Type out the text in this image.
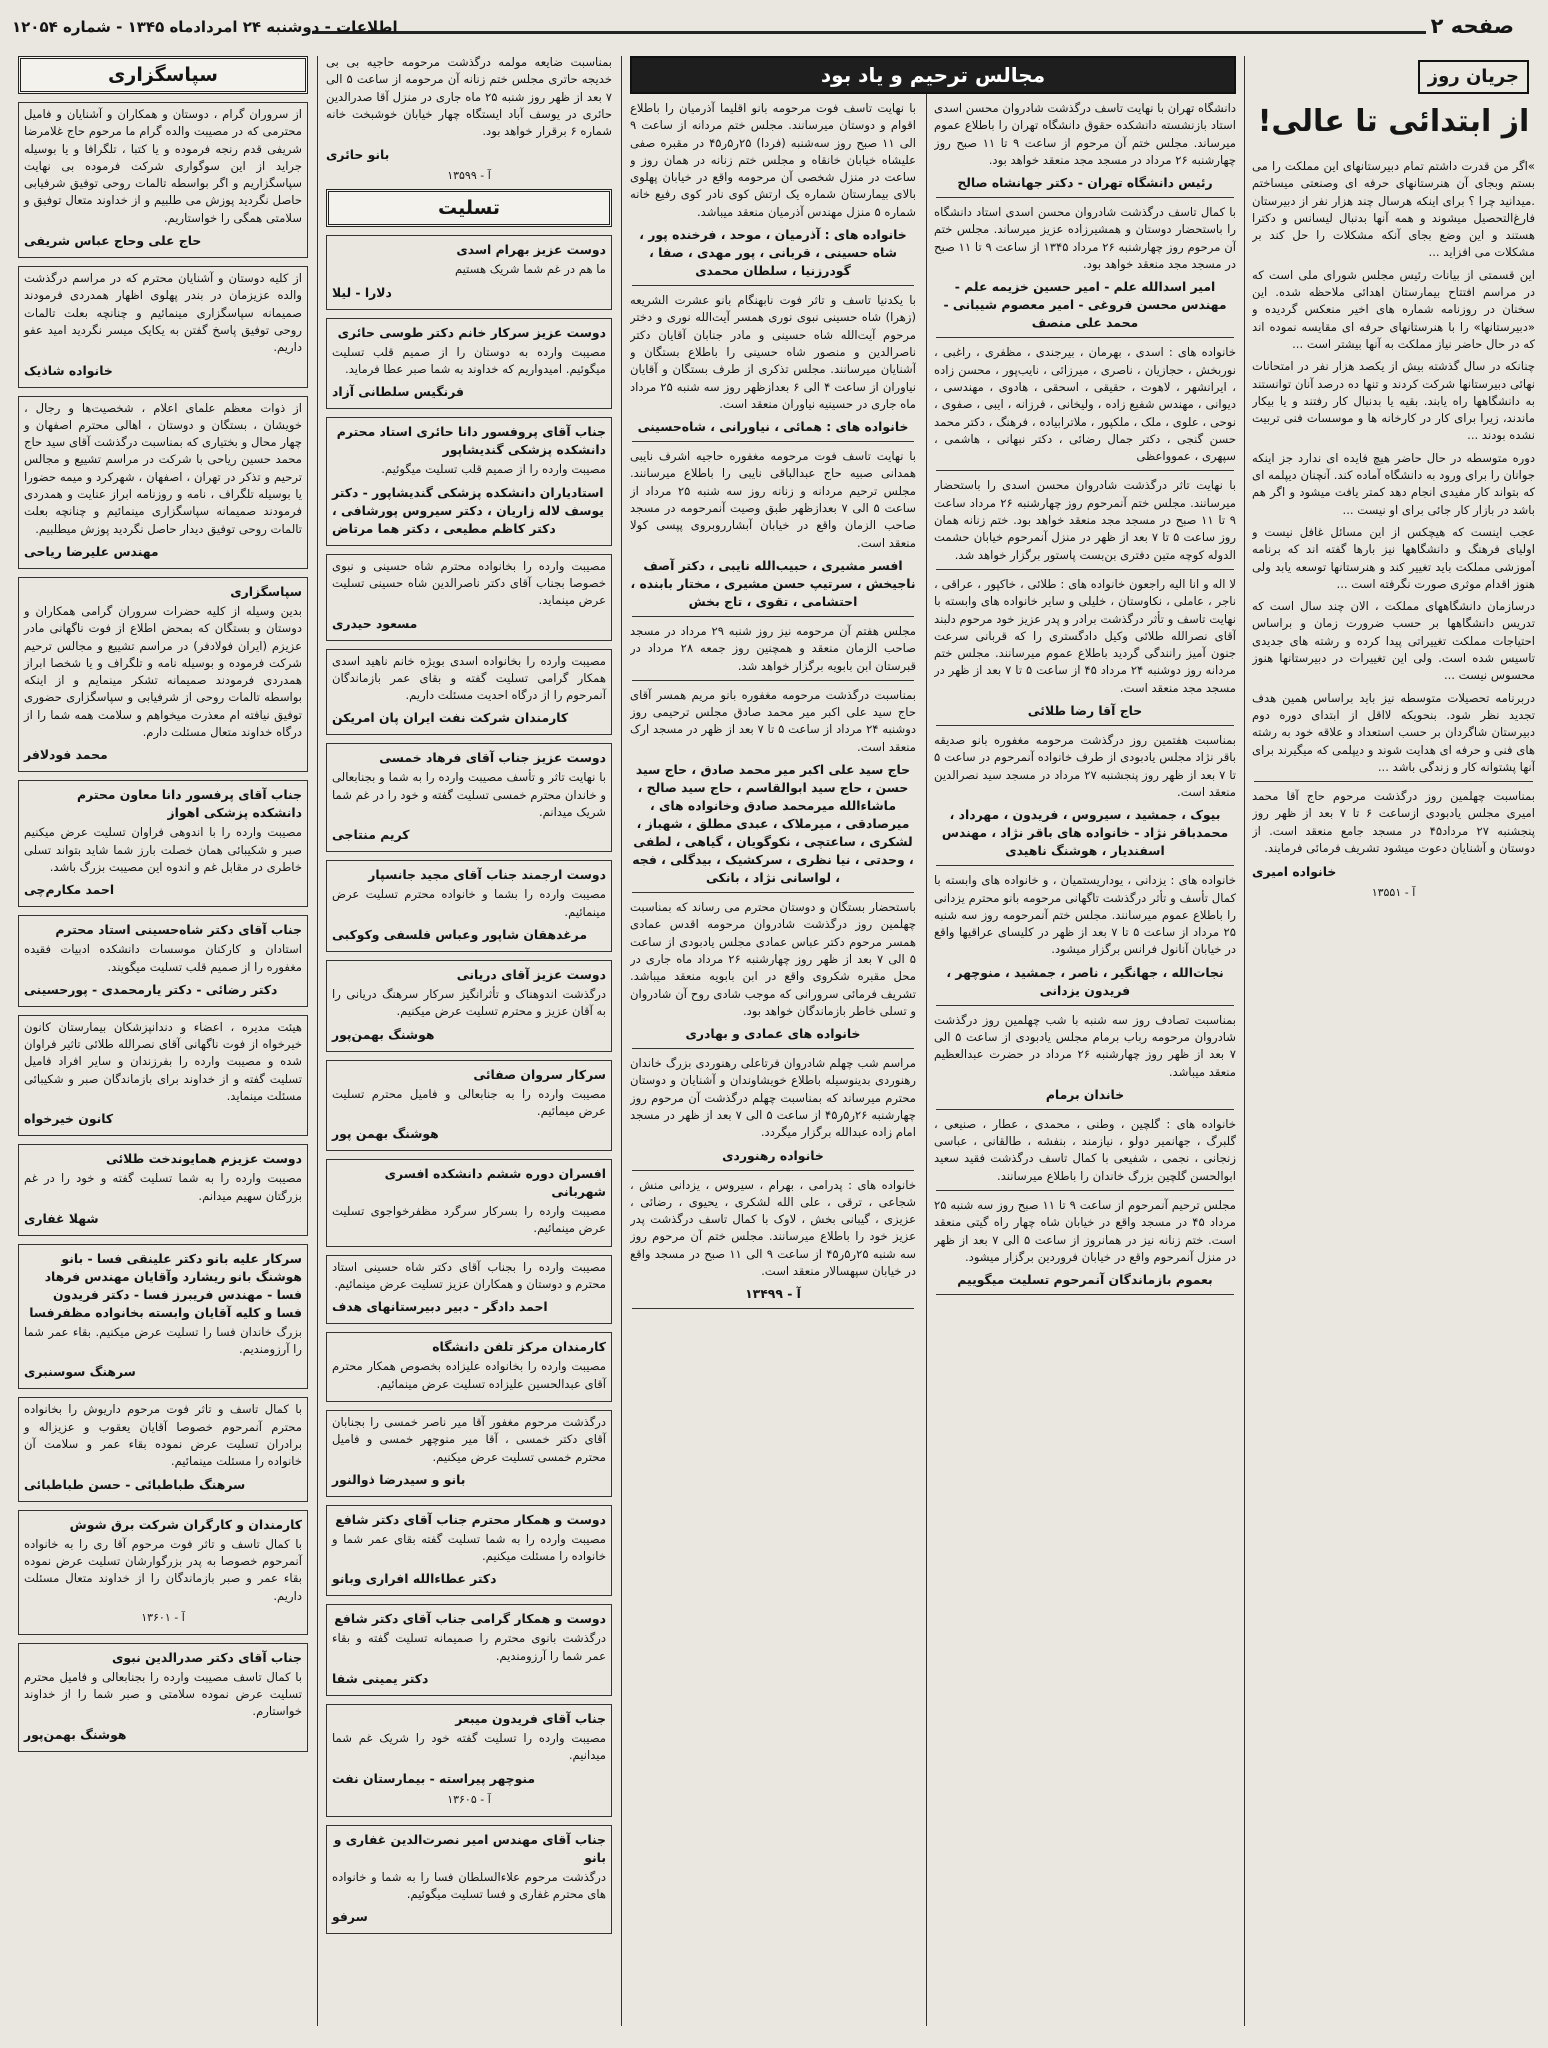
صفحه ۲
اطلاعات - دوشنبه ۲۴ امردادماه ۱۳۴۵ - شماره ۱۲۰۵۴
جریان روز
از ابتدائی تا عالی!
»اگر من قدرت داشتم تمام دبیرستانهای این مملکت را می بستم وبجای آن هنرستانهای حرفه ای وصنعتی میساختم .میدانید چرا ؟ برای اینکه هرسال چند هزار نفر از دبیرستان فارغ‌التحصیل میشوند و همه آنها بدنبال لیسانس و دکترا هستند و این وضع بجای آنکه مشکلات را حل کند بر مشکلات می افزاید ...
این قسمتی از بیانات رئیس مجلس شورای ملی است که در مراسم افتتاح بیمارستان اهدائی ملاحظه شده. این سخنان در روزنامه شماره های اخیر منعکس گردیده و «دبیرستانها» را با هنرستانهای حرفه ای مقایسه نموده اند که در حال حاضر نیاز مملکت به آنها بیشتر است ...
چنانکه در سال گذشته بیش از یکصد هزار نفر در امتحانات نهائی دبیرستانها شرکت کردند و تنها ده درصد آنان توانستند به دانشگاهها راه یابند. بقیه یا بدنبال کار رفتند و یا بیکار ماندند، زیرا برای کار در کارخانه ها و موسسات فنی تربیت نشده بودند ...
دوره متوسطه در حال حاضر هیچ فایده ای ندارد جز اینکه جوانان را برای ورود به دانشگاه آماده کند. آنچنان دیپلمه ای که بتواند کار مفیدی انجام دهد کمتر یافت میشود و اگر هم باشد در بازار کار جائی برای او نیست ...
عجب اینست که هیچکس از این مسائل غافل نیست و اولیای فرهنگ و دانشگاهها نیز بارها گفته اند که برنامه آموزشی مملکت باید تغییر کند و هنرستانها توسعه یابد ولی هنوز اقدام موثری صورت نگرفته است ...
درسازمان دانشگاههای مملکت ، الان چند سال است که تدریس دانشگاهها بر حسب ضرورت زمان و براساس احتیاجات مملکت تغییراتی پیدا کرده و رشته های جدیدی تاسیس شده است. ولی این تغییرات در دبیرستانها هنوز محسوس نیست ...
دربرنامه تحصیلات متوسطه نیز باید براساس همین هدف تجدید نظر شود. بنحویکه لااقل از ابتدای دوره دوم دبیرستان شاگردان بر حسب استعداد و علاقه خود به رشته های فنی و حرفه ای هدایت شوند و دیپلمی که میگیرند برای آنها پشتوانه کار و زندگی باشد ...
بمناسبت چهلمین روز درگذشت مرحوم حاج آقا محمد امیری مجلس یادبودی ازساعت ۶ تا ۷ بعد از ظهر روز پنجشنبه ۲۷ مرداد۴۵ در مسجد جامع منعقد است. از دوستان و آشنایان دعوت میشود تشریف فرمائی فرمایند.
خانواده امیری
آ - ۱۳۵۵۱
مجالس ترحیم و یاد بود
دانشگاه تهران با نهایت تاسف درگذشت شادروان محسن اسدی استاد بازنشسته دانشکده حقوق دانشگاه تهران را باطلاع عموم میرساند. مجلس ختم آن مرحوم از ساعت ۹ تا ۱۱ صبح روز چهارشنبه ۲۶ مرداد در مسجد مجد منعقد خواهد بود.
رئیس دانشگاه تهران - دکتر جهانشاه صالح
با کمال تاسف درگذشت شادروان محسن اسدی استاد دانشگاه را باستحضار دوستان و همشیرزاده عزیز میرساند. مجلس ختم آن مرحوم روز چهارشنبه ۲۶ مرداد ۱۳۴۵ از ساعت ۹ تا ۱۱ صبح در مسجد مجد منعقد خواهد بود.
امیر اسدالله علم - امیر حسین خزیمه علم - مهندس محسن فروغی - امیر معصوم شیبانی - محمد علی منصف
خانواده های : اسدی ، بهرمان ، بیرجندی ، مظفری ، راغبی ، نوربخش ، حجازیان ، ناصری ، میرزائی ، نایب‌پور ، محسن زاده ، ایرانشهر ، لاهوت ، حقیقی ، اسحقی ، هادوی ، مهندسی ، دیوانی ، مهندس شفیع زاده ، ولیخانی ، فرزانه ، ایبی ، صفوی ، نوحی ، علوی ، ملک ، ملکپور ، ملاترابیاده ، فرهنگ ، دکتر محمد حسن گنجی ، دکتر جمال رضائی ، دکتر نبهانی ، هاشمی ، سپهری ، عموواعظی
با نهایت تاثر درگذشت شادروان محسن اسدی را باستحضار میرسانند. مجلس ختم آنمرحوم روز چهارشنبه ۲۶ مرداد ساعت ۹ تا ۱۱ صبح در مسجد مجد منعقد خواهد بود. ختم زنانه همان روز ساعت ۵ تا ۷ بعد از ظهر در منزل آنمرحوم خیابان حشمت الدوله کوچه متین دفتری بن‌بست پاستور برگزار خواهد شد.
لا اله و انا الیه راجعون خانواده های : طلائی ، خاکپور ، عراقی ، ناجر ، عاملی ، نکاوستان ، خلیلی و سایر خانواده های وابسته با نهایت تاسف و تأثر درگذشت برادر و پدر عزیز خود مرحوم دلبند آقای نصرالله طلائی وکیل دادگستری را که قربانی سرعت جنون آمیز رانندگی گردید باطلاع عموم میرسانند. مجلس ختم مردانه روز دوشنبه ۲۴ مرداد ۴۵ از ساعت ۵ تا ۷ بعد از ظهر در مسجد مجد منعقد است.
حاج آقا رضا طلائی
بمناسبت هفتمین روز درگذشت مرحومه مغفوره بانو صدیقه باقر نژاد مجلس یادبودی از طرف خانواده آنمرحوم در ساعت ۵ تا ۷ بعد از ظهر روز پنجشنبه ۲۷ مرداد در مسجد سید نصرالدین منعقد است.
بیوک ، جمشید ، سیروس ، فریدون ، مهرداد ، محمدباقر نژاد - خانواده های باقر نژاد ، مهندس اسفندیار ، هوشنگ ناهیدی
خانواده های : یزدانی ، یوداریستمیان ، و خانواده های وابسته با کمال تأسف و تأثر درگذشت تاگهانی مرحومه بانو محترم یزدانی را باطلاع عموم میرسانند. مجلس ختم آنمرحومه روز سه شنبه ۲۵ مرداد از ساعت ۵ تا ۷ بعد از ظهر در کلیسای عراقیها واقع در خیابان آنانول فرانس برگزار میشود.
نجات‌الله ، جهانگیر ، ناصر ، جمشید ، منوچهر ، فریدون یزدانی
بمناسبت تصادف روز سه شنبه با شب چهلمین روز درگذشت شادروان مرحومه رباب برمام مجلس یادبودی از ساعت ۵ الی ۷ بعد از ظهر روز چهارشنبه ۲۶ مرداد در حضرت عبدالعظیم منعقد میباشد.
خاندان برمام
خانواده های : گلچین ، وطنی ، محمدی ، عطار ، صنیعی ، گلبرگ ، جهانمیر دولو ، نیازمند ، بنفشه ، طالقانی ، عباسی زنجانی ، نجمی ، شفیعی با کمال تاسف درگذشت فقید سعید ابوالحسن گلچین بزرگ خاندان را باطلاع میرسانند.
مجلس ترحیم آنمرحوم از ساعت ۹ تا ۱۱ صبح روز سه شنبه ۲۵ مرداد ۴۵ در مسجد واقع در خیابان شاه چهار راه گیتی منعقد است. ختم زنانه نیز در همانروز از ساعت ۵ الی ۷ بعد از ظهر در منزل آنمرحوم واقع در خیابان فروردین برگزار میشود.
بعموم بازماندگان آنمرحوم تسلیت میگوییم
با نهایت تاسف فوت مرحومه بانو اقلیما آذرمیان را باطلاع اقوام و دوستان میرسانند. مجلس ختم مردانه از ساعت ۹ الی ۱۱ صبح روز سه‌شنبه (فردا) ۲۵ر۵ر۴۵ در مقبره صفی علیشاه خیابان خانقاه و مجلس ختم زنانه در همان روز و ساعت در منزل شخصی آن مرحومه واقع در خیابان پهلوی بالای بیمارستان شماره یک ارتش کوی نادر کوی رفیع خانه شماره ۵ منزل مهندس آذرمیان منعقد میباشد.
خانواده های : آذرمیان ، موحد ، فرخنده پور ، شاه حسینی ، قربانی ، پور مهدی ، صفا ، گودرزنیا ، سلطان محمدی
با یکدنیا تاسف و تاثر فوت نابهنگام بانو عشرت الشریعه (زهرا) شاه حسینی نبوی نوری همسر آیت‌الله نوری و دختر مرحوم آیت‌الله شاه حسینی و مادر جنابان آقایان دکتر ناصرالدین و منصور شاه حسینی را باطلاع بستگان و آشنایان میرسانند. مجلس تذکری از طرف بستگان و آقایان نیاوران از ساعت ۴ الی ۶ بعدازظهر روز سه شنبه ۲۵ مرداد ماه جاری در حسینیه نیاوران منعقد است.
خانواده های : همائی ، نیاورانی ، شاه‌حسینی
با نهایت تاسف فوت مرحومه مغفوره حاجیه اشرف نایبی همدانی صبیه حاج عبدالباقی نایبی را باطلاع میرسانند. مجلس ترحیم مردانه و زنانه روز سه شنبه ۲۵ مرداد از ساعت ۵ الی ۷ بعدازظهر طبق وصیت آنمرحومه در مسجد صاحب الزمان واقع در خیابان آبشارروبروی پپسی کولا منعقد است.
افسر مشیری ، حبیب‌الله نایبی ، دکتر آصف ناجیخش ، سرتیپ حسن مشیری ، مختار بابنده ، احتشامی ، تقوی ، تاج بخش
مجلس هفتم آن مرحومه نیز روز شنبه ۲۹ مرداد در مسجد صاحب الزمان منعقد و همچنین روز جمعه ۲۸ مرداد در قبرستان ابن بابویه برگزار خواهد شد.
بمناسبت درگذشت مرحومه مغفوره بانو مریم همسر آقای حاج سید علی اکبر میر محمد صادق مجلس ترحیمی روز دوشنبه ۲۴ مرداد از ساعت ۵ تا ۷ بعد از ظهر در مسجد ارک منعقد است.
حاج سید علی اکبر میر محمد صادق ، حاج سید حسن ، حاج سید ابوالقاسم ، حاج سید صالح ، ماشاءالله میرمحمد صادق وخانواده های ، میرصادقی ، میرملاک ، عبدی مطلق ، شهباز ، لشکری ، ساعتچی ، نکوگویان ، گیاهی ، لطفی ، وحدتی ، نیا نظری ، سرکشیک ، بیدگلی ، فجه ، لواسانی نژاد ، بانکی
باستحضار بستگان و دوستان محترم می رساند که بمناسبت چهلمین روز درگذشت شادروان مرحومه اقدس عمادی همسر مرحوم دکتر عباس عمادی مجلس یادبودی از ساعت ۵ الی ۷ بعد از ظهر روز چهارشنبه ۲۶ مرداد ماه جاری در محل مقبره شکروی واقع در ابن بابویه منعقد میباشد. تشریف فرمائی سرورانی که موجب شادی روح آن شادروان و تسلی خاطر بازماندگان خواهد بود.
خانواده های عمادی و بهادری
مراسم شب چهلم شادروان فرتاعلی رهنوردی بزرگ خاندان رهنوردی بدینوسیله باطلاع خویشاوندان و آشنایان و دوستان محترم میرساند که بمناسبت چهلم درگذشت آن مرحوم روز چهارشنبه ۲۶ر۵ر۴۵ از ساعت ۵ الی ۷ بعد از ظهر در مسجد امام زاده عبدالله برگزار میگردد.
خانواده رهنوردی
خانواده های : پدرامی ، بهرام ، سیروس ، یزدانی منش ، شجاعی ، ترقی ، علی الله لشکری ، یحیوی ، رضائی ، عزیزی ، گیبانی بخش ، لاوک با کمال تاسف درگذشت پدر عزیز خود را باطلاع میرسانند. مجلس ختم آن مرحوم روز سه شنبه ۲۵ر۵ر۴۵ از ساعت ۹ الی ۱۱ صبح در مسجد واقع در خیابان سپهسالار منعقد است.
آ - ۱۳۴۹۹
بمناسبت ضایعه مولمه درگذشت مرحومه حاجیه بی بی خدیجه حاتری مجلس ختم زنانه آن مرحومه از ساعت ۵ الی ۷ بعد از ظهر روز شنبه ۲۵ ماه جاری در منزل آقا صدرالدین حائری در یوسف آباد ایستگاه چهار خیابان خوشبخت خانه شماره ۶ برقرار خواهد بود.
بانو حائری
آ - ۱۳۵۹۹
تسلیت
دوست عزیز بهرام اسدی
ما هم در غم شما شریک هستیم
دلارا - لیلا
دوست عزیز سرکار خانم دکتر طوسی حائری
مصیبت وارده به دوستان را از صمیم قلب تسلیت میگوئیم. امیدواریم که خداوند به شما صبر عطا فرماید.
فرنگیس سلطانی آزاد
جناب آقای پروفسور دانا حائری استاد محترم دانشکده پزشکی گندیشاپور
مصیبت وارده را از صمیم قلب تسلیت میگوئیم.
استادیاران دانشکده پزشکی گندیشاپور - دکتر یوسف لاله زاریان ، دکتر سیروس پورشافی ، دکتر کاظم مطیعی ، دکتر هما مرتاض
مصیبت وارده را بخانواده محترم شاه حسینی و نبوی خصوصا بجناب آقای دکتر ناصرالدین شاه حسینی تسلیت عرض مینماید.
مسعود حیدری
مصیبت وارده را بخانواده اسدی بویژه خانم ناهید اسدی همکار گرامی تسلیت گفته و بقای عمر بازماندگان آنمرحوم را از درگاه احدیت مسئلت داریم.
کارمندان شرکت نفت ایران پان امریکن
دوست عزیز جناب آقای فرهاد خمسی
با نهایت تاثر و تأسف مصیبت وارده را به شما و بجنابعالی و خاندان محترم خمسی تسلیت گفته و خود را در غم شما شریک میدانم.
کریم منتاجی
دوست ارجمند جناب آقای مجید جانسپار
مصیبت وارده را بشما و خانواده محترم تسلیت عرض مینمائیم.
مرغدهقان شاپور وعباس فلسفی وکوکبی
دوست عزیز آقای دریانی
درگذشت اندوهناک و تأثرانگیز سرکار سرهنگ دریانی را به آقان عزیز و محترم تسلیت عرض میکنیم.
هوشنگ بهمن‌پور
سرکار سروان صفائی
مصیبت وارده را به جنابعالی و فامیل محترم تسلیت عرض میمائیم.
هوشنگ بهمن پور
افسران دوره ششم دانشکده افسری شهربانی
مصیبت وارده را بسرکار سرگرد مظفرخواجوی تسلیت عرض مینمائیم.
مصیبت وارده را بجناب آقای دکتر شاه حسینی استاد محترم و دوستان و همکاران عزیز تسلیت عرض مینمائیم.
احمد دادگر - دبیر دبیرستانهای هدف
کارمندان مرکز تلفن دانشگاه
مصیبت وارده را بخانواده علیزاده بخصوص همکار محترم آقای عبدالحسین علیزاده تسلیت عرض مینمائیم.
درگذشت مرحوم مغفور آقا میر ناصر خمسی را بجنابان آقای دکتر خمسی ، آقا میر منوچهر خمسی و فامیل محترم خمسی تسلیت عرض میکنیم.
بانو و سیدرضا ذوالنور
دوست و همکار محترم جناب آقای دکتر شافع
مصیبت وارده را به شما تسلیت گفته بقای عمر شما و خانواده را مسئلت میکنیم.
دکتر عطاءالله افراری وبانو
دوست و همکار گرامی جناب آقای دکتر شافع
درگذشت بانوی محترم را صمیمانه تسلیت گفته و بقاء عمر شما را آرزومندیم.
دکتر یمینی شفا
جناب آقای فریدون میبعر
مصیبت وارده را تسلیت گفته خود را شریک غم شما میدانیم.
منوچهر پیراسته - بیمارستان نفت
آ - ۱۳۶۰۵
جناب آقای مهندس امیر نصرت‌الدین غفاری و بانو
درگذشت مرحوم علاءالسلطان فسا را به شما و خانواده های محترم غفاری و فسا تسلیت میگوئیم.
سرفو
سپاسگزاری
از سروران گرام ، دوستان و همکاران و آشنایان و فامیل محترمی که در مصیبت والده گرام ما مرحوم حاج غلامرضا شریفی قدم رنجه فرموده و یا کتبا ، تلگرافا و یا بوسیله جراید از این سوگواری شرکت فرموده بی نهایت سپاسگزاریم و اگر بواسطه تالمات روحی توفیق شرفیابی حاصل نگردید پوزش می طلبیم و از خداوند متعال توفیق و سلامتی همگی را خواستاریم.
حاج علی وحاج عباس شریفی
از کلیه دوستان و آشنایان محترم که در مراسم درگذشت والده عزیزمان در بندر پهلوی اظهار همدردی فرمودند صمیمانه سپاسگزاری مینمائیم و چنانچه بعلت تالمات روحی توفیق پاسخ گفتن به یکایک میسر نگردید امید عفو داریم.
خانواده شاذیک
از ذوات معظم علمای اعلام ، شخصیت‌ها و رجال ، خویشان ، بستگان و دوستان ، اهالی محترم اصفهان و چهار محال و بختیاری که بمناسبت درگذشت آقای سید حاج محمد حسین ریاحی با شرکت در مراسم تشییع و مجالس ترحیم و تذکر در تهران ، اصفهان ، شهرکرد و میمه حضورا یا بوسیله تلگراف ، نامه و روزنامه ابراز عنایت و همدردی فرمودند صمیمانه سپاسگزاری مینمائیم و چنانچه بعلت تالمات روحی توفیق دیدار حاصل نگردید پوزش میطلبیم.
مهندس علیرضا ریاحی
سپاسگزاری
بدین وسیله از کلیه حضرات سروران گرامی همکاران و دوستان و بستگان که بمحض اطلاع از فوت ناگهانی مادر عزیزم (ایران فولادفر) در مراسم تشییع و مجالس ترحیم شرکت فرموده و بوسیله نامه و تلگراف و یا شخصا ابراز همدردی فرمودند صمیمانه تشکر مینمایم و از اینکه بواسطه تالمات روحی از شرفیابی و سپاسگزاری حضوری توفیق نیافته ام معذرت میخواهم و سلامت همه شما را از درگاه خداوند متعال مسئلت دارم.
محمد فودلافر
جناب آقای پرفسور دانا معاون محترم دانشکده پزشکی اهواز
مصیبت وارده را با اندوهی فراوان تسلیت عرض میکنیم صبر و شکیبائی همان خصلت بارز شما شاید بتواند تسلی خاطری در مقابل غم و اندوه این مصیبت بزرگ باشد.
احمد مکارم‌چی
جناب آقای دکتر شاه‌حسینی استاد محترم
استادان و کارکنان موسسات دانشکده ادبیات فقیده مغفوره را از صمیم قلب تسلیت میگویند.
دکتر رضائی - دکتر یارمحمدی - پورحسینی
هیئت مدیره ، اعضاء و دندانپزشکان بیمارستان کانون خیرخواه از فوت ناگهانی آقای نصرالله طلائی تاثیر فراوان شده و مصیبت وارده را بفرزندان و سایر افراد فامیل تسلیت گفته و از خداوند برای بازماندگان صبر و شکیبائی مسئلت مینماید.
کانون خیرخواه
دوست عزیزم همایوندخت طلائی
مصیبت وارده را به شما تسلیت گفته و خود را در غم بزرگتان سهیم میدانم.
شهلا غفاری
سرکار علیه بانو دکتر علینقی فسا - بانو هوشنگ بانو ریشارد وآقایان مهندس فرهاد فسا - مهندس فریبرز فسا - دکتر فریدون فسا و کلیه آقایان وابسته بخانواده مظفرفسا
بزرگ خاندان فسا را تسلیت عرض میکنیم. بقاء عمر شما را آرزومندیم.
سرهنگ سوسنبری
با کمال تاسف و تاثر فوت مرحوم داریوش را بخانواده محترم آنمرحوم خصوصا آقایان یعقوب و عزیزاله و برادران تسلیت عرض نموده بقاء عمر و سلامت آن خانواده را مسئلت مینمائیم.
سرهنگ طباطبائی - حسن طباطبائی
کارمندان و کارگران شرکت برق شوش
با کمال تاسف و تاثر فوت مرحوم آقا ری را به خانواده آنمرحوم خصوصا به پدر بزرگوارشان تسلیت عرض نموده بقاء عمر و صبر بازماندگان را از خداوند متعال مسئلت داریم.
آ - ۱۳۶۰۱
جناب آقای دکتر صدرالدین نبوی
با کمال تاسف مصیبت وارده را بجنابعالی و فامیل محترم تسلیت عرض نموده سلامتی و صبر شما را از خداوند خواستارم.
هوشنگ بهمن‌پور
